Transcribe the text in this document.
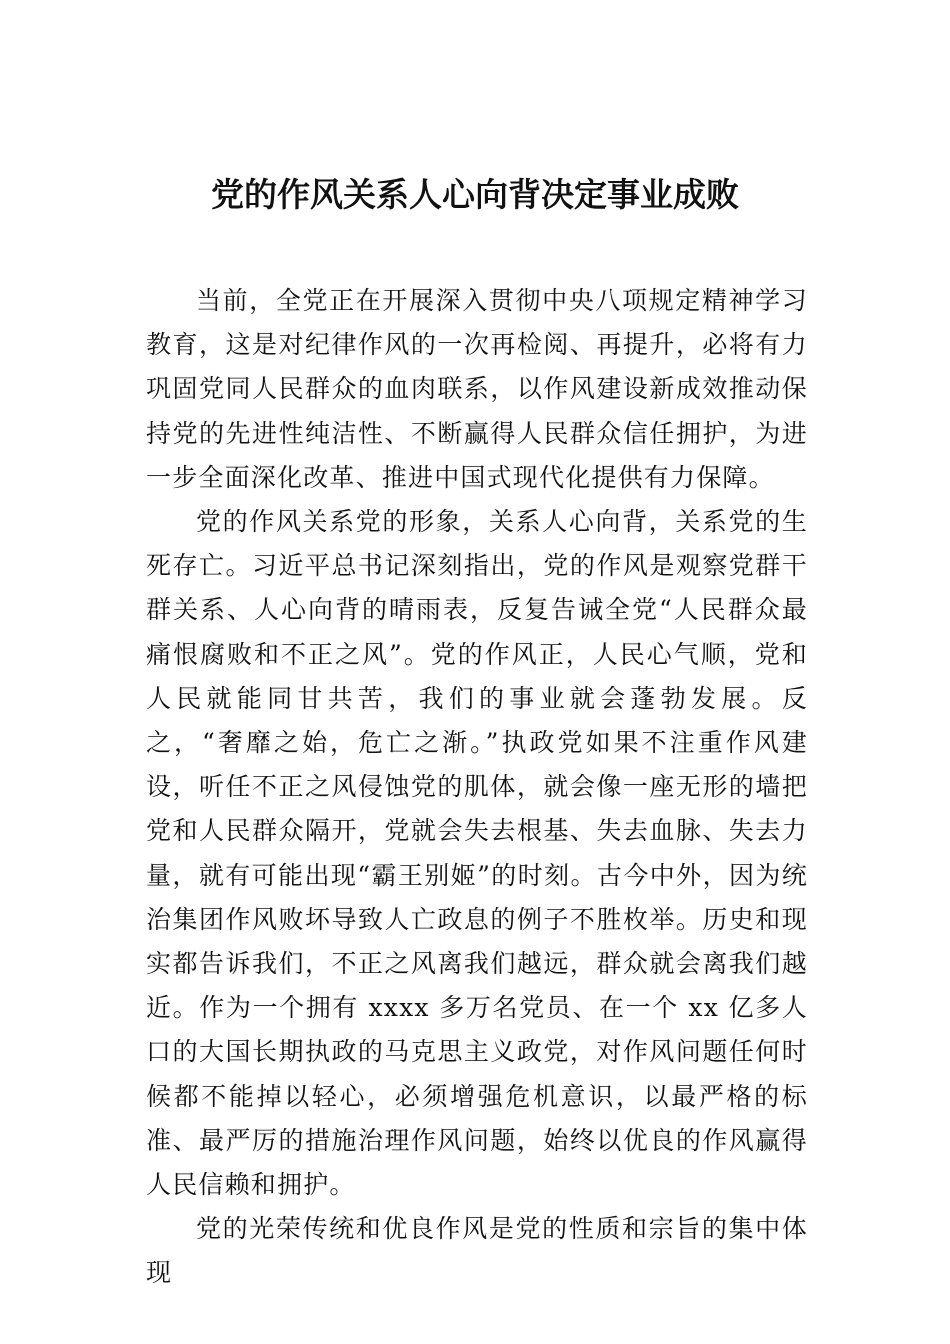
党的作风关系人心向背决定事业成败

当前，全党正在开展深入贯彻中央八项规定精神学习教育，这是对纪律作风的一次再检阅、再提升，必将有力巩固党同人民群众的血肉联系，以作风建设新成效推动保持党的先进性纯洁性、不断赢得人民群众信任拥护，为进一步全面深化改革、推进中国式现代化提供有力保障。

党的作风关系党的形象，关系人心向背，关系党的生死存亡。习近平总书记深刻指出，党的作风是观察党群干群关系、人心向背的晴雨表，反复告诫全党“人民群众最痛恨腐败和不正之风”。党的作风正，人民心气顺，党和人民就能同甘共苦，我们的事业就会蓬勃发展。反之，“奢靡之始，危亡之渐。”执政党如果不注重作风建设，听任不正之风侵蚀党的肌体，就会像一座无形的墙把党和人民群众隔开，党就会失去根基、失去血脉、失去力量，就有可能出现“霸王别姬”的时刻。古今中外，因为统治集团作风败坏导致人亡政息的例子不胜枚举。历史和现实都告诉我们，不正之风离我们越远，群众就会离我们越近。作为一个拥有 xxxx 多万名党员、在一个 xx 亿多人口的大国长期执政的马克思主义政党，对作风问题任何时候都不能掉以轻心，必须增强危机意识，以最严格的标准、最严厉的措施治理作风问题，始终以优良的作风赢得人民信赖和拥护。

党的光荣传统和优良作风是党的性质和宗旨的集中体现
